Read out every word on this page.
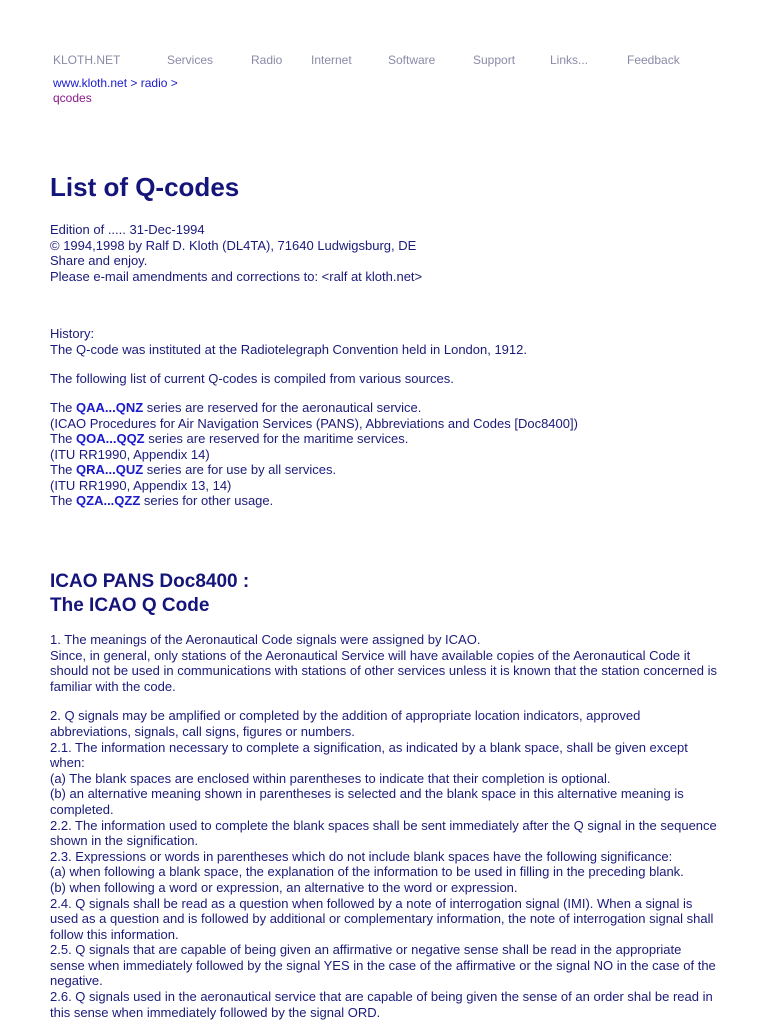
KLOTH.NET	Services	Radio Internet	Software	Support	Links...	Feedback
www.kloth.net > radio >
qcodes
List of Q-codes

Edition of ..... 31-Dec-1994

© 1994,1998 by Ralf D. Kloth (DL4TA), 71640 Ludwigsburg, DE

Share and enjoy.

Please e-mail amendments and corrections to: <ralf at kloth.net>

History:

The Q-code was instituted at the Radiotelegraph Convention held in London, 1912.

The following list of current Q-codes is compiled from various sources.

The QAA...QNZ series are reserved for the aeronautical service.

(ICAO Procedures for Air Navigation Services (PANS), Abbreviations and Codes [Doc8400])

The QOA...QQZ series are reserved for the maritime services.

(ITU RR1990, Appendix 14)

The QRA...QUZ series are for use by all services.

(ITU RR1990, Appendix 13, 14)

The QZA...QZZ series for other usage.

ICAO PANS Doc8400 :
The ICAO Q Code

1. The meanings of the Aeronautical Code signals were assigned by ICAO.

Since, in general, only stations of the Aeronautical Service will have available copies of the Aeronautical Code it should not be used in communications with stations of other services unless it is known that the station concerned is familiar with the code.

2. Q signals may be amplified or completed by the addition of appropriate location indicators, approved abbreviations, signals, call signs, figures or numbers.

2.1. The information necessary to complete a signification, as indicated by a blank space, shall be given except when:

(a) The blank spaces are enclosed within parentheses to indicate that their completion is optional.

(b) an alternative meaning shown in parentheses is selected and the blank space in this alternative meaning is completed.

2.2. The information used to complete the blank spaces shall be sent immediately after the Q signal in the sequence shown in the signification.

2.3. Expressions or words in parentheses which do not include blank spaces have the following significance:

(a) when following a blank space, the explanation of the information to be used in filling in the preceding blank.

(b) when following a word or expression, an alternative to the word or expression.

2.4. Q signals shall be read as a question when followed by a note of interrogation signal (IMI). When a signal is used as a question and is followed by additional or complementary information, the note of interrogation signal shall follow this information.

2.5. Q signals that are capable of being given an affirmative or negative sense shall be read in the appropriate sense when immediately followed by the signal YES in the case of the affirmative or the signal NO in the case of the negative.

2.6. Q signals used in the aeronautical service that are capable of being given the sense of an order shal be read in this sense when immediately followed by the signal ORD.
